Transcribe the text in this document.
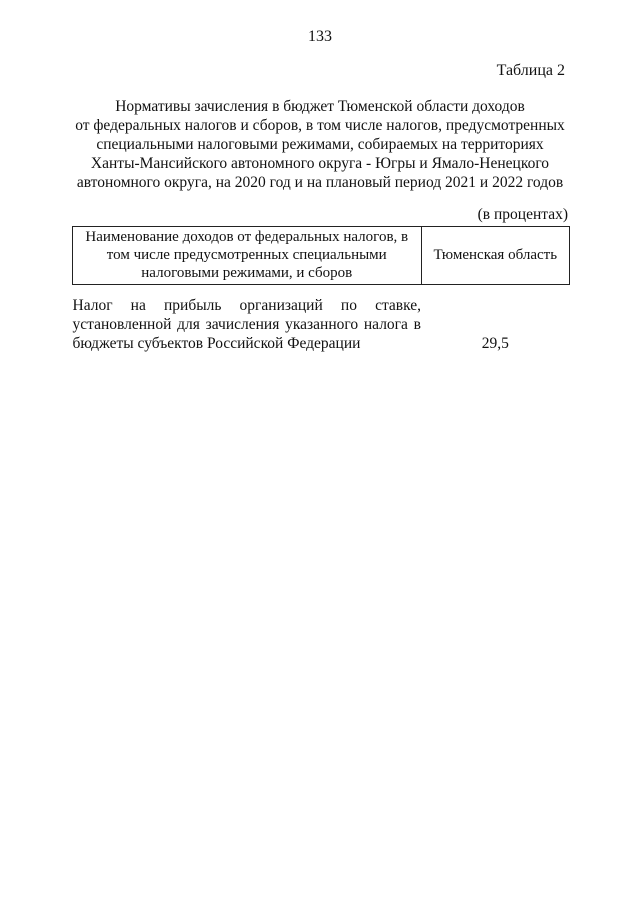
133
Таблица 2
Нормативы зачисления в бюджет Тюменской области доходов
от федеральных налогов и сборов, в том числе налогов, предусмотренных
специальными налоговыми режимами, собираемых на территориях
Ханты-Мансийского автономного округа - Югры и Ямало-Ненецкого
автономного округа, на 2020 год и на плановый период 2021 и 2022 годов
(в процентах)
Наименование доходов от федеральных налогов, в
том числе предусмотренных специальными
налоговыми режимами, и сборов	Тюменская область

Налог на прибыль организаций по ставке,
установленной для зачисления указанного налога в
бюджеты субъектов Российской Федерации	29,5
